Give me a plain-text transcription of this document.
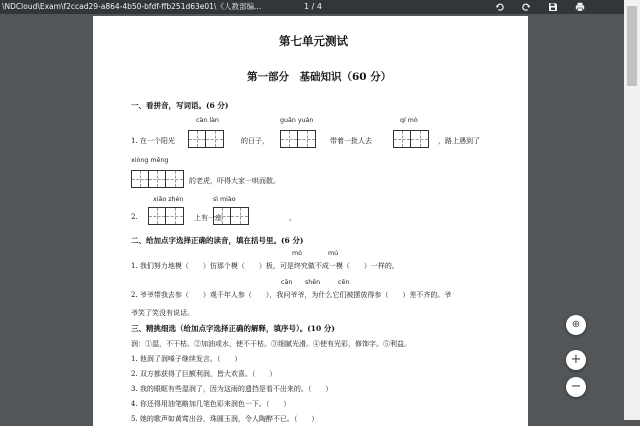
\NDCloud\Exam\f2ccad29-a864-4b50-bfdf-ffb251d63e01\《人教部编...	1 / 4
第七单元测试
第一部分　基础知识（60 分）
一、看拼音，写词语。(6 分)
càn làn	guān yuán	qí mò
1. 在一个阳光	的日子，	带着一批人去	，路上遇到了
xióng měng
的老虎，吓得大家一哄而散。
xiǎo zhén	sì miào
2.	上有一座	。
二、给加点字选择正确的读音，填在括号里。(6 分)
mó	mú
1. 我们努力地模（　　）仿那个模（　　）板，可是终究做不成一模（　　）一样的。
cān shēn	cēn
2. 爷爷带我去参（　　）观千年人参（　　），我问爷爷，为什么它们被摆放得参（　　）差不齐的。爷
爷笑了笑没有说话。
三、精挑细选（给加点字选择正确的解释，填序号）。(10 分)
润：①湿，不干枯。②加油或水，使不干枯。③细腻光滑。④使有光彩，修饰字。⑤利益。
1. 他润了润嗓子继续发言。（　　）
2. 双方都获得了巨额利润，皆大欢喜。（　　）
3. 我的眼眶有些湿润了，因为这雨的遗挡是看不出来的。（　　）
4. 你还得用油笔略加几笔色彩来润色一下。（　　）
5. 她的歌声如黄莺出谷，珠圆玉润，令人陶醉不已。（　　）
⊕
+
−
